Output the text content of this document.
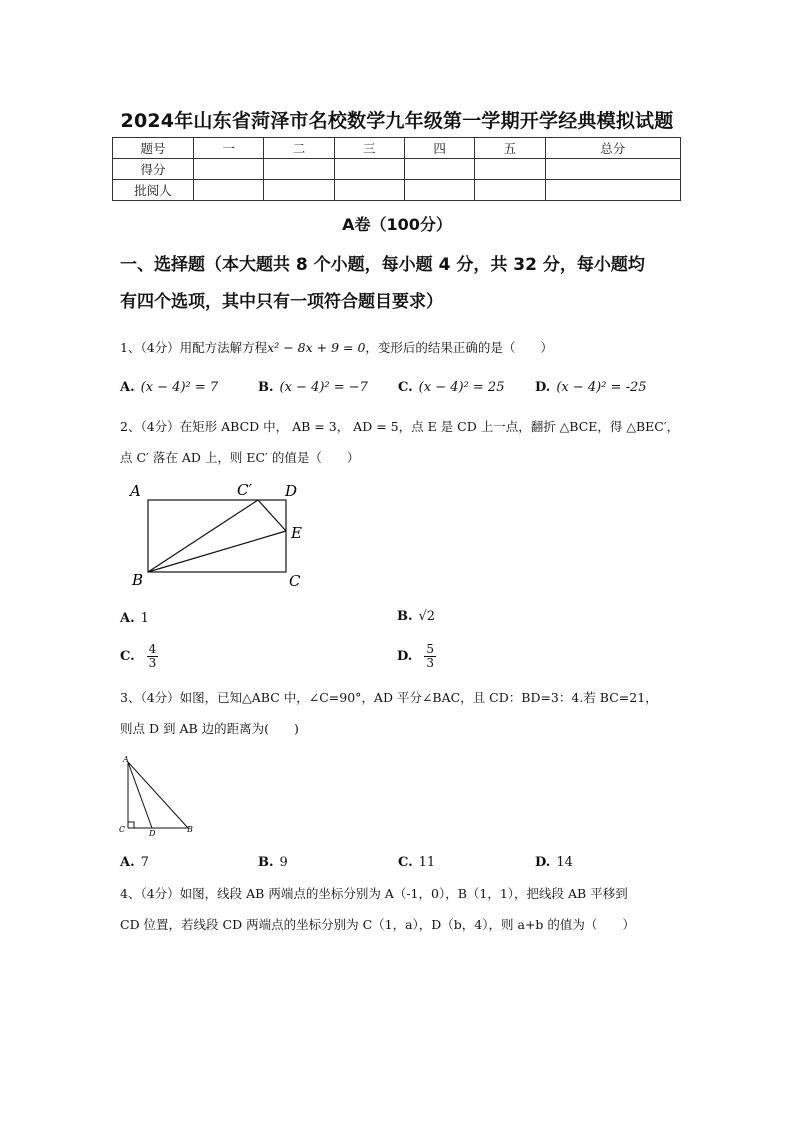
2024年山东省菏泽市名校数学九年级第一学期开学经典模拟试题
题号	一	二	三	四	五	总分
得分						
批阅人						
A卷（100分）
一、选择题（本大题共 8 个小题，每小题 4 分，共 32 分，每小题均
有四个选项，其中只有一项符合题目要求）
1、（4分）用配方法解方程x² − 8x + 9 = 0，变形后的结果正确的是（　　）
A. (x − 4)² = 7	B. (x − 4)² = −7 C. (x − 4)² = 25 D. (x − 4)² = -25
2、（4分）在矩形 ABCD 中， AB = 3， AD = 5，点 E 是 CD 上一点，翻折 △BCE，得 △BEC′，
点 C′ 落在 AD 上，则 EC′ 的值是（　　）
A	C′ D
E
B	C
A. 1	B. √2
C. $\frac{4}{3}$	D. $\frac{5}{3}$
3、（4分）如图，已知△ABC 中，∠C=90°，AD 平分∠BAC，且 CD：BD=3：4.若 BC=21，
则点 D 到 AB 边的距离为(　　)
A
C	D	B
A. 7	B. 9	C. 11	D. 14
4、（4分）如图，线段 AB 两端点的坐标分别为 A（-1，0），B（1，1），把线段 AB 平移到
CD 位置，若线段 CD 两端点的坐标分别为 C（1，a），D（b，4），则 a+b 的值为（　　）
